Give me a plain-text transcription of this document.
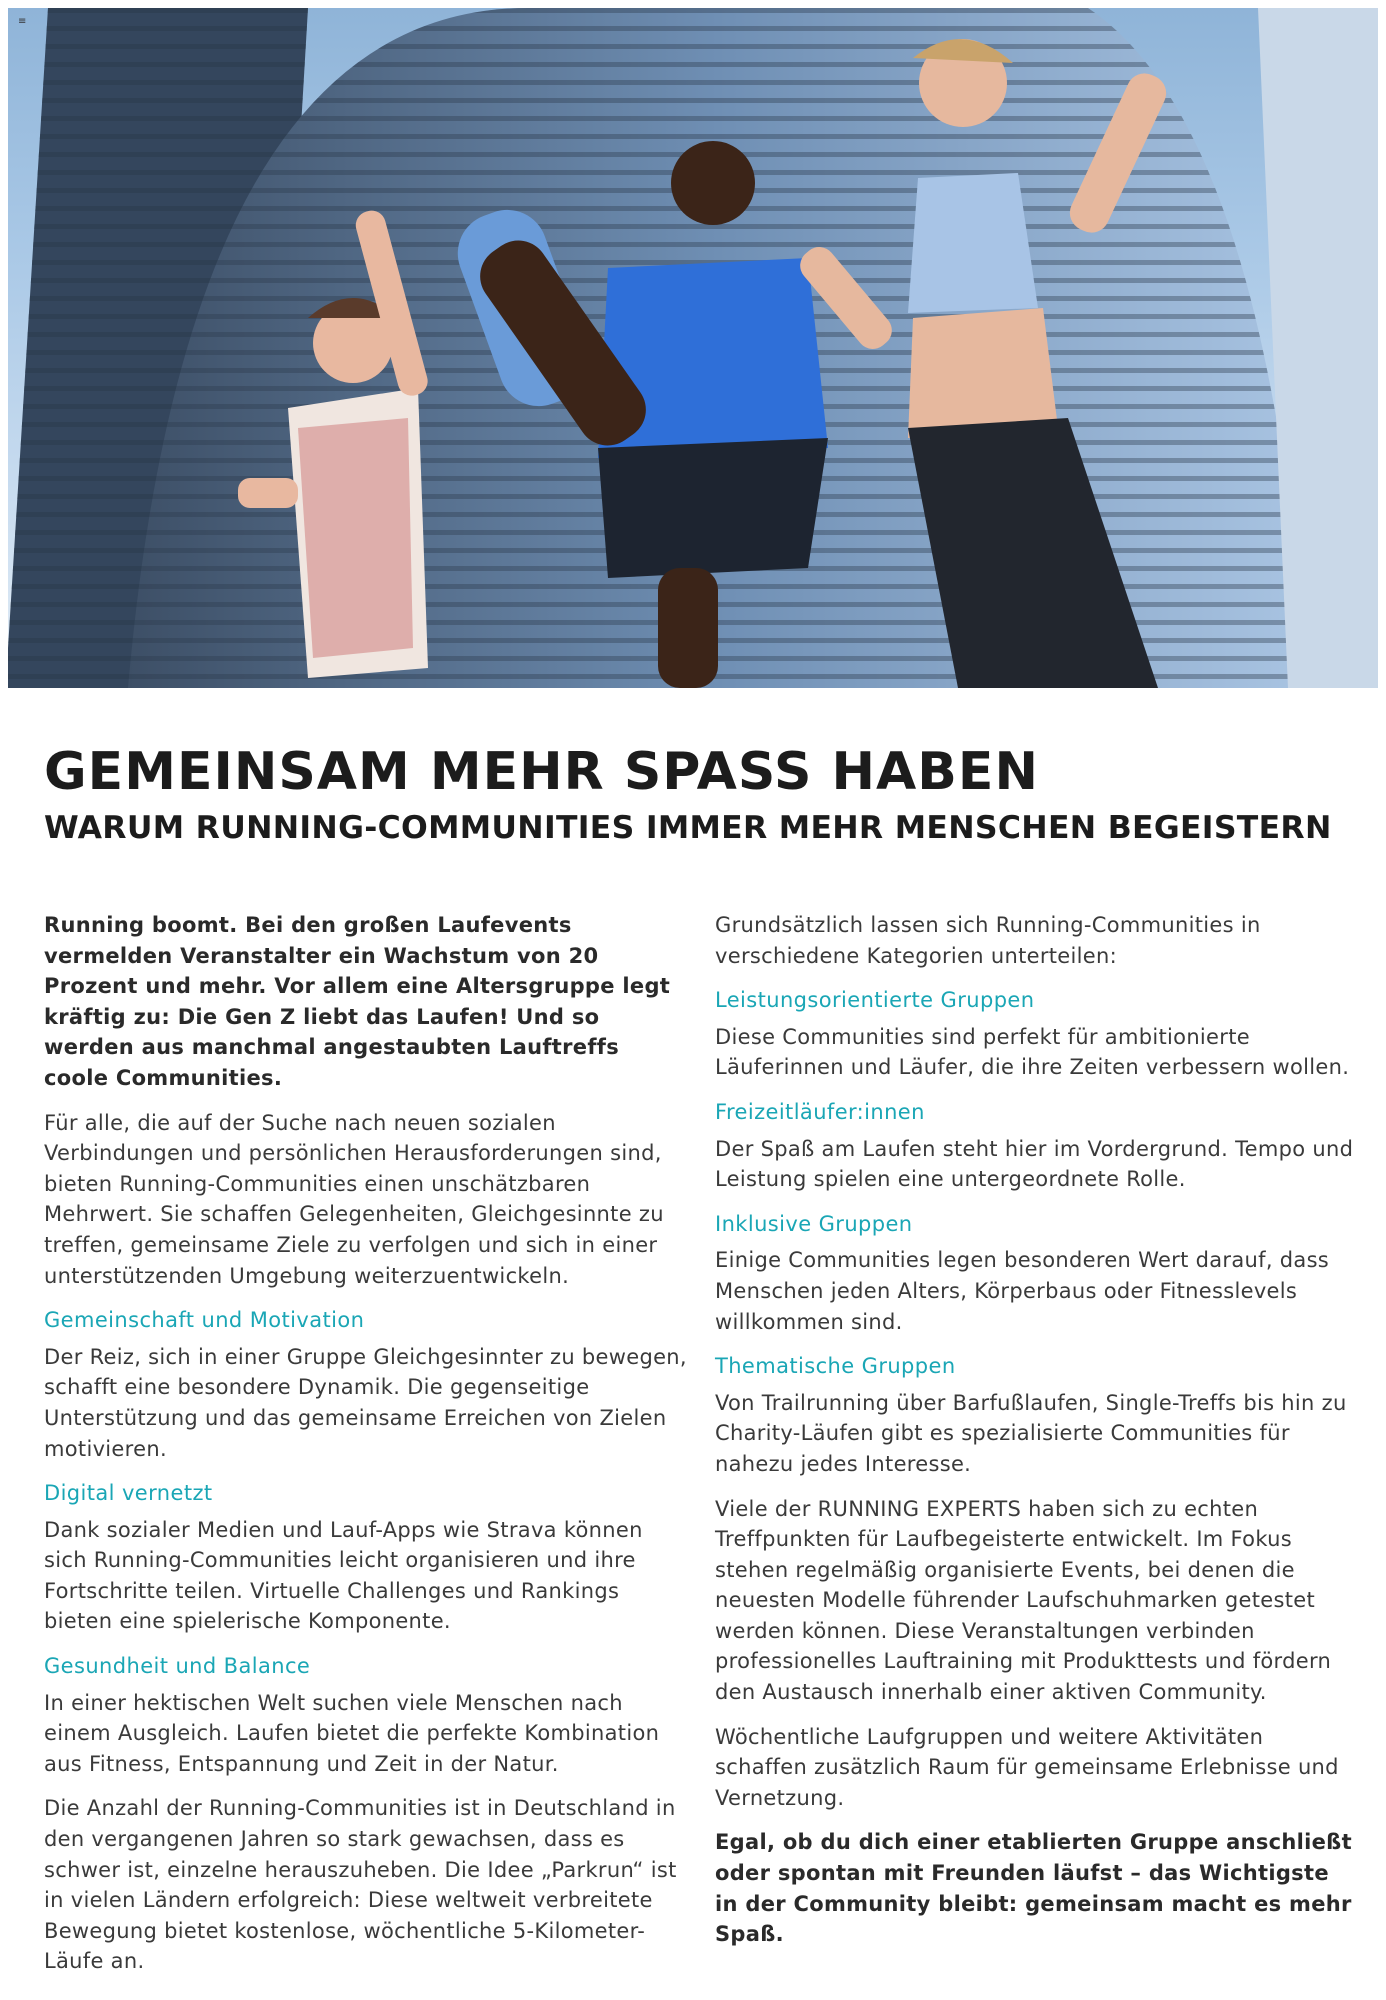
≡
GEMEINSAM MEHR SPASS HABEN
WARUM RUNNING-COMMUNITIES IMMER MEHR MENSCHEN BEGEISTERN

Running boomt. Bei den großen Laufevents vermelden Veranstalter ein Wachstum von 20 Prozent und mehr. Vor allem eine Altersgruppe legt kräftig zu: Die Gen Z liebt das Laufen! Und so werden aus manchmal angestaubten Lauftreffs coole Communities.

Für alle, die auf der Suche nach neuen sozialen Verbindungen und persönlichen Herausforderungen sind, bieten Running-Communities einen unschätzbaren Mehrwert. Sie schaffen Gelegenheiten, Gleichgesinnte zu treffen, gemeinsame Ziele zu verfolgen und sich in einer unterstützenden Umgebung weiterzuentwickeln.

Gemeinschaft und Motivation

Der Reiz, sich in einer Gruppe Gleichgesinnter zu bewegen, schafft eine besondere Dynamik. Die gegenseitige Unterstützung und das gemeinsame Erreichen von Zielen motivieren.

Digital vernetzt

Dank sozialer Medien und Lauf-Apps wie Strava können sich Running-Communities leicht organisieren und ihre Fortschritte teilen. Virtuelle Challenges und Rankings bieten eine spielerische Komponente.

Gesundheit und Balance

In einer hektischen Welt suchen viele Menschen nach einem Ausgleich. Laufen bietet die perfekte Kombination aus Fitness, Entspannung und Zeit in der Natur.

Die Anzahl der Running-Communities ist in Deutschland in den vergangenen Jahren so stark gewachsen, dass es schwer ist, einzelne herauszuheben. Die Idee „Parkrun“ ist in vielen Ländern erfolgreich: Diese weltweit verbreitete Bewegung bietet kostenlose, wöchentliche 5-Kilometer-Läufe an.

Grundsätzlich lassen sich Running-Communities in verschiedene Kategorien unterteilen:

Leistungsorientierte Gruppen

Diese Communities sind perfekt für ambitionierte Läuferinnen und Läufer, die ihre Zeiten verbessern wollen.

Freizeitläufer:innen

Der Spaß am Laufen steht hier im Vordergrund. Tempo und Leistung spielen eine untergeordnete Rolle.

Inklusive Gruppen

Einige Communities legen besonderen Wert darauf, dass Menschen jeden Alters, Körperbaus oder Fitnesslevels willkommen sind.

Thematische Gruppen

Von Trailrunning über Barfußlaufen, Single-Treffs bis hin zu Charity-Läufen gibt es spezialisierte Communities für nahezu jedes Interesse.

Viele der RUNNING EXPERTS haben sich zu echten Treffpunkten für Laufbegeisterte entwickelt. Im Fokus stehen regelmäßig organisierte Events, bei denen die neuesten Modelle führender Laufschuhmarken getestet werden können. Diese Veranstaltungen verbinden professionelles Lauftraining mit Produkttests und fördern den Austausch innerhalb einer aktiven Community.

Wöchentliche Laufgruppen und weitere Aktivitäten schaffen zusätzlich Raum für gemeinsame Erlebnisse und Vernetzung.

Egal, ob du dich einer etablierten Gruppe anschließt oder spontan mit Freunden läufst – das Wichtigste in der Community bleibt: gemeinsam macht es mehr Spaß.
